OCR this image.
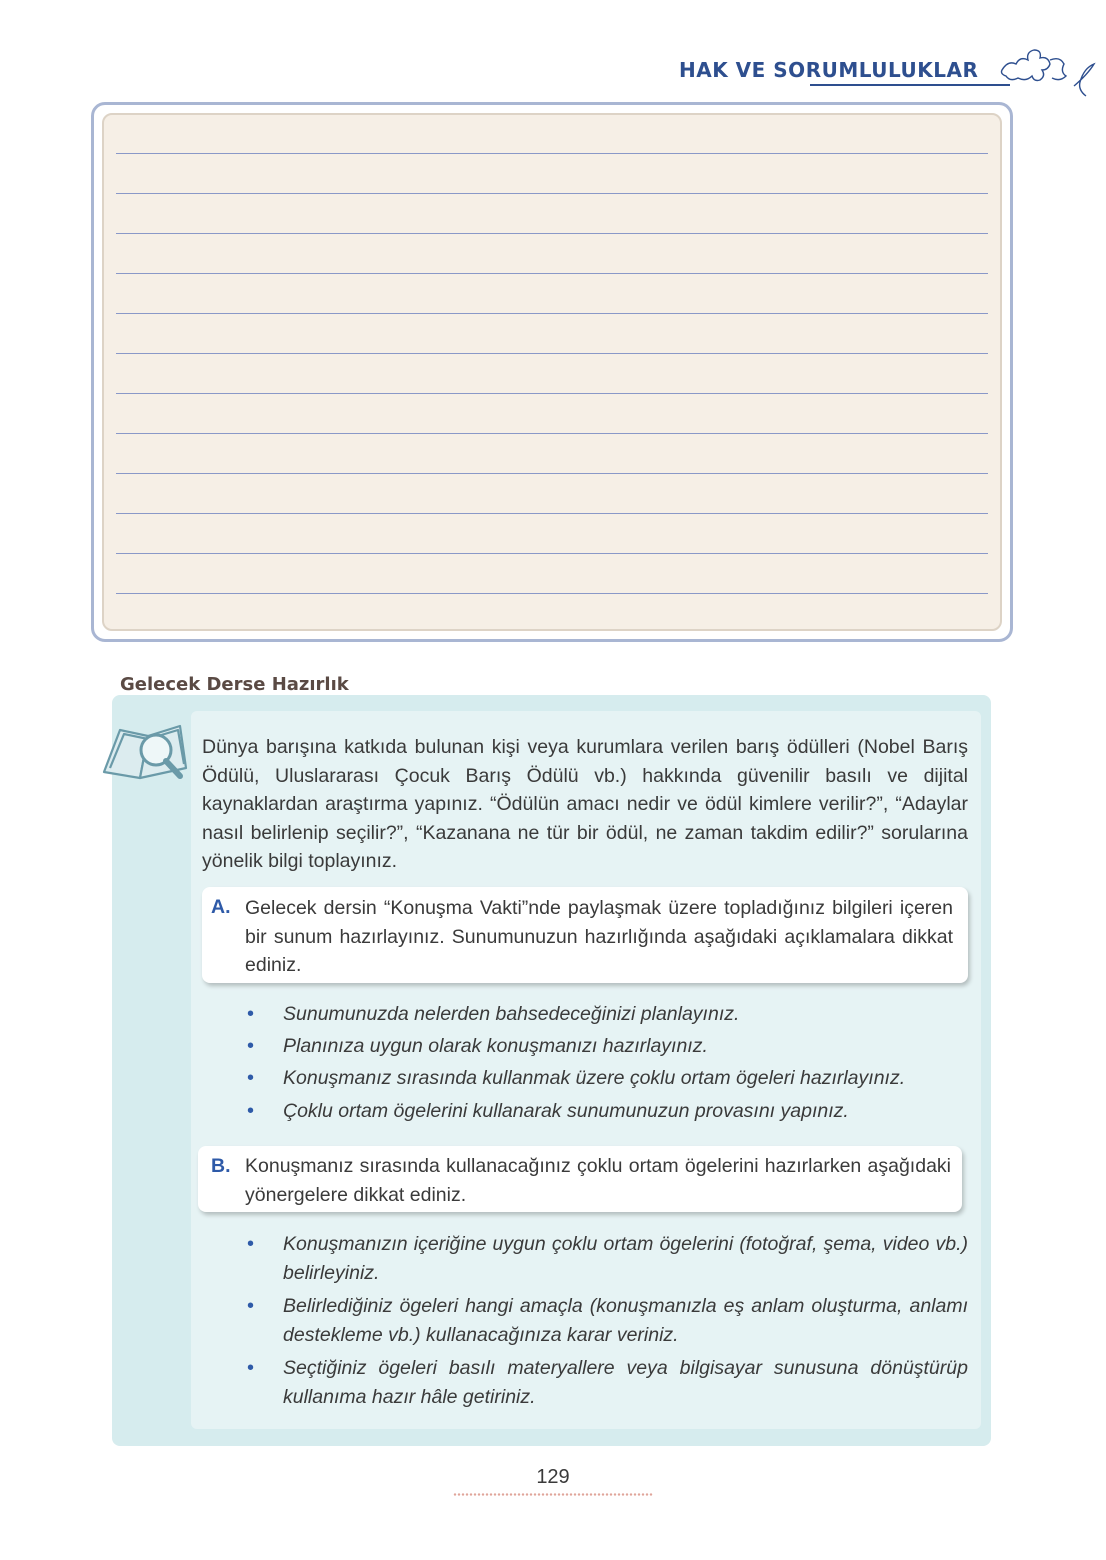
HAK VE SORUMLULUKLAR
Gelecek Derse Hazırlık
Dünya barışına katkıda bulunan kişi veya kurumlara verilen barış ödülleri (Nobel Barış Ödülü, Uluslararası Çocuk Barış Ödülü vb.) hakkında güvenilir basılı ve dijital kaynaklardan araştırma yapınız. “Ödülün amacı nedir ve ödül kimlere verilir?”, “Adaylar nasıl belirlenip seçilir?”, “Kazanana ne tür bir ödül, ne zaman takdim edilir?” sorularına yönelik bilgi toplayınız.
A. Gelecek dersin “Konuşma Vakti”nde paylaşmak üzere topladığınız bilgileri içeren bir sunum hazırlayınız. Sunumunuzun hazırlığında aşağıdaki açıklamalara dikkat ediniz.
• Sunumunuzda nelerden bahsedeceğinizi planlayınız.
• Planınıza uygun olarak konuşmanızı hazırlayınız.
• Konuşmanız sırasında kullanmak üzere çoklu ortam ögeleri hazırlayınız.
• Çoklu ortam ögelerini kullanarak sunumunuzun provasını yapınız.
B. Konuşmanız sırasında kullanacağınız çoklu ortam ögelerini hazırlarken aşağıdaki yönergelere dikkat ediniz.
• Konuşmanızın içeriğine uygun çoklu ortam ögelerini (fotoğraf, şema, video vb.) belirleyiniz.
• Belirlediğiniz ögeleri hangi amaçla (konuşmanızla eş anlam oluşturma, anlamı destekleme vb.) kullanacağınıza karar veriniz.
• Seçtiğiniz ögeleri basılı materyallere veya bilgisayar sunusuna dönüştürüp kullanıma hazır hâle getiriniz.
129
